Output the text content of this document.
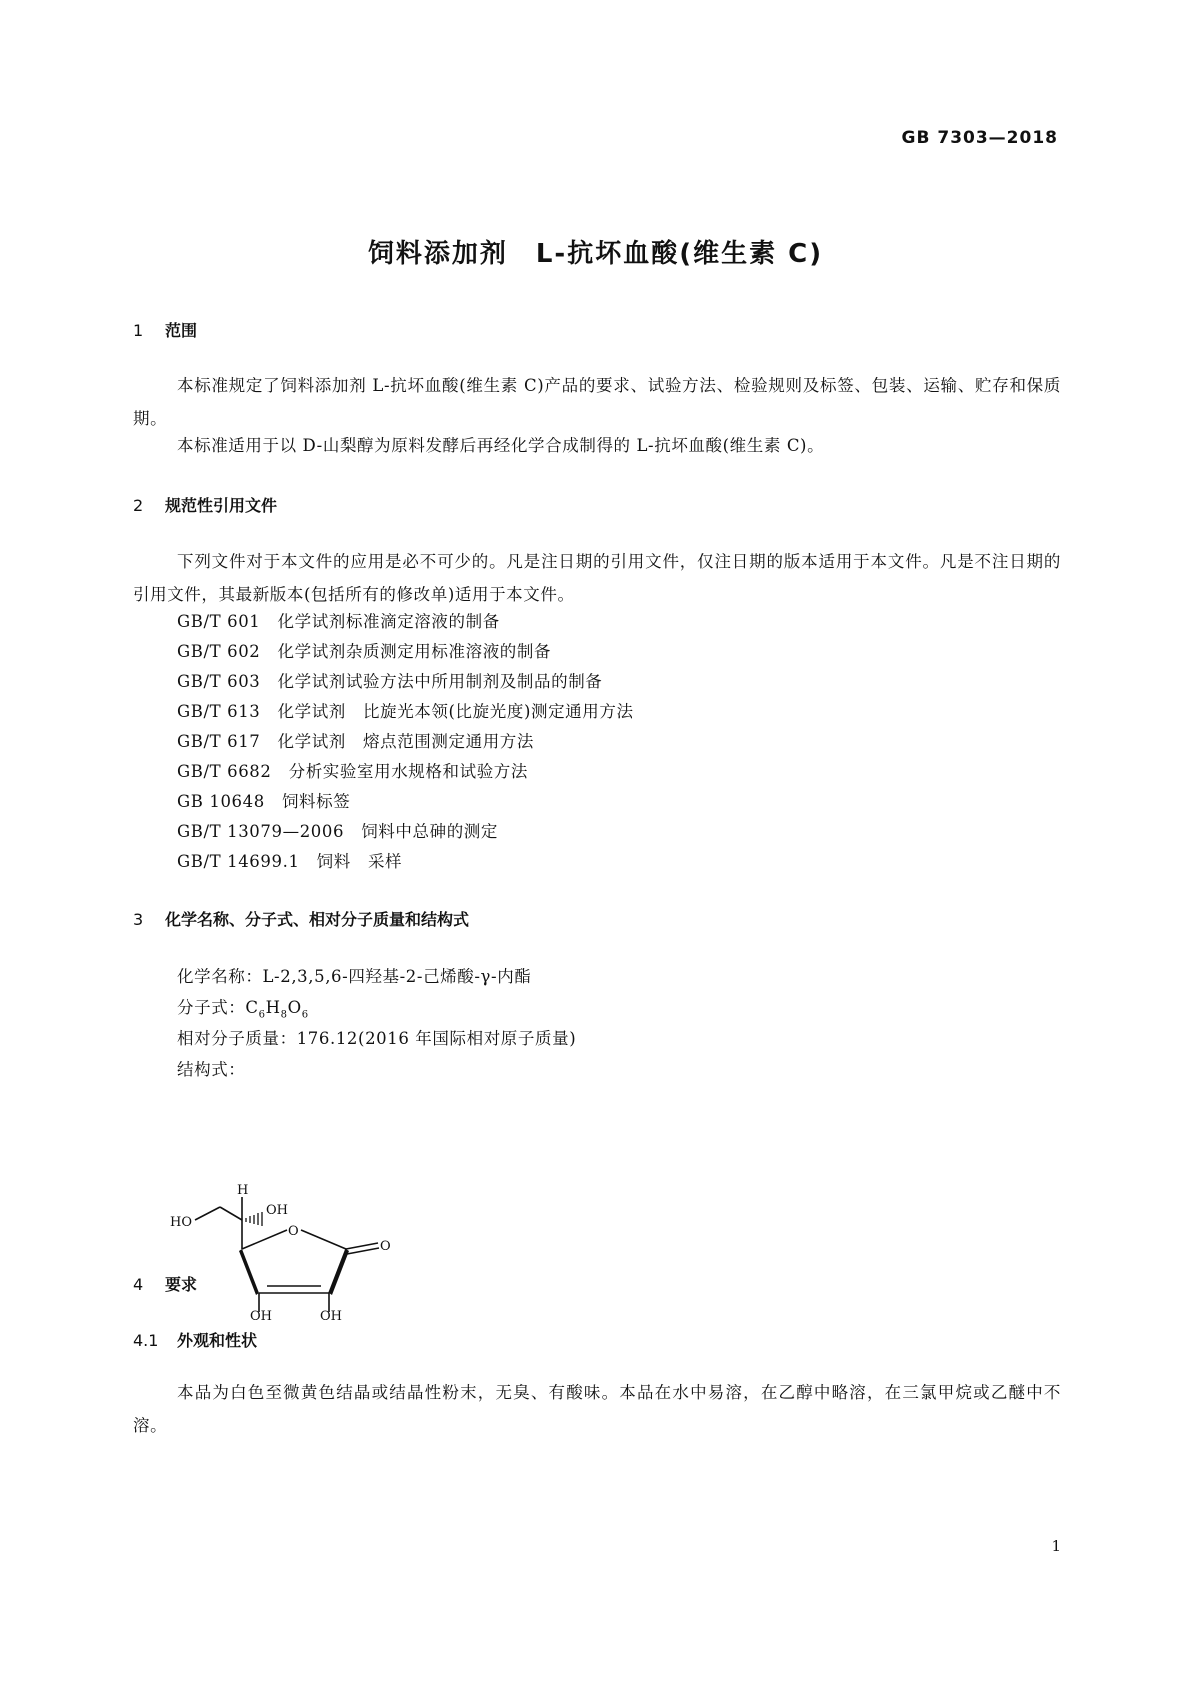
GB 7303—2018
饲料添加剂　L-抗坏血酸(维生素 C)
1 范围
本标准规定了饲料添加剂 L-抗坏血酸(维生素 C)产品的要求、试验方法、检验规则及标签、包装、运输、贮存和保质期。
本标准适用于以 D-山梨醇为原料发酵后再经化学合成制得的 L-抗坏血酸(维生素 C)。
2 规范性引用文件
下列文件对于本文件的应用是必不可少的。凡是注日期的引用文件，仅注日期的版本适用于本文件。凡是不注日期的引用文件，其最新版本(包括所有的修改单)适用于本文件。
GB/T 601　化学试剂标准滴定溶液的制备
GB/T 602　化学试剂杂质测定用标准溶液的制备
GB/T 603　化学试剂试验方法中所用制剂及制品的制备
GB/T 613　化学试剂　比旋光本领(比旋光度)测定通用方法
GB/T 617　化学试剂　熔点范围测定通用方法
GB/T 6682　分析实验室用水规格和试验方法
GB 10648　饲料标签
GB/T 13079—2006　饲料中总砷的测定
GB/T 14699.1　饲料　采样
3 化学名称、分子式、相对分子质量和结构式
化学名称：L-2,3,5,6-四羟基-2-己烯酸-γ-内酯
分子式：$C_6H_8O_6$
相对分子质量：176.12(2016 年国际相对原子质量)
结构式：
H
OH
HO
O
O
OH	OH
4 要求
4.1 外观和性状
本品为白色至微黄色结晶或结晶性粉末，无臭、有酸味。本品在水中易溶，在乙醇中略溶，在三氯甲烷或乙醚中不溶。
1
